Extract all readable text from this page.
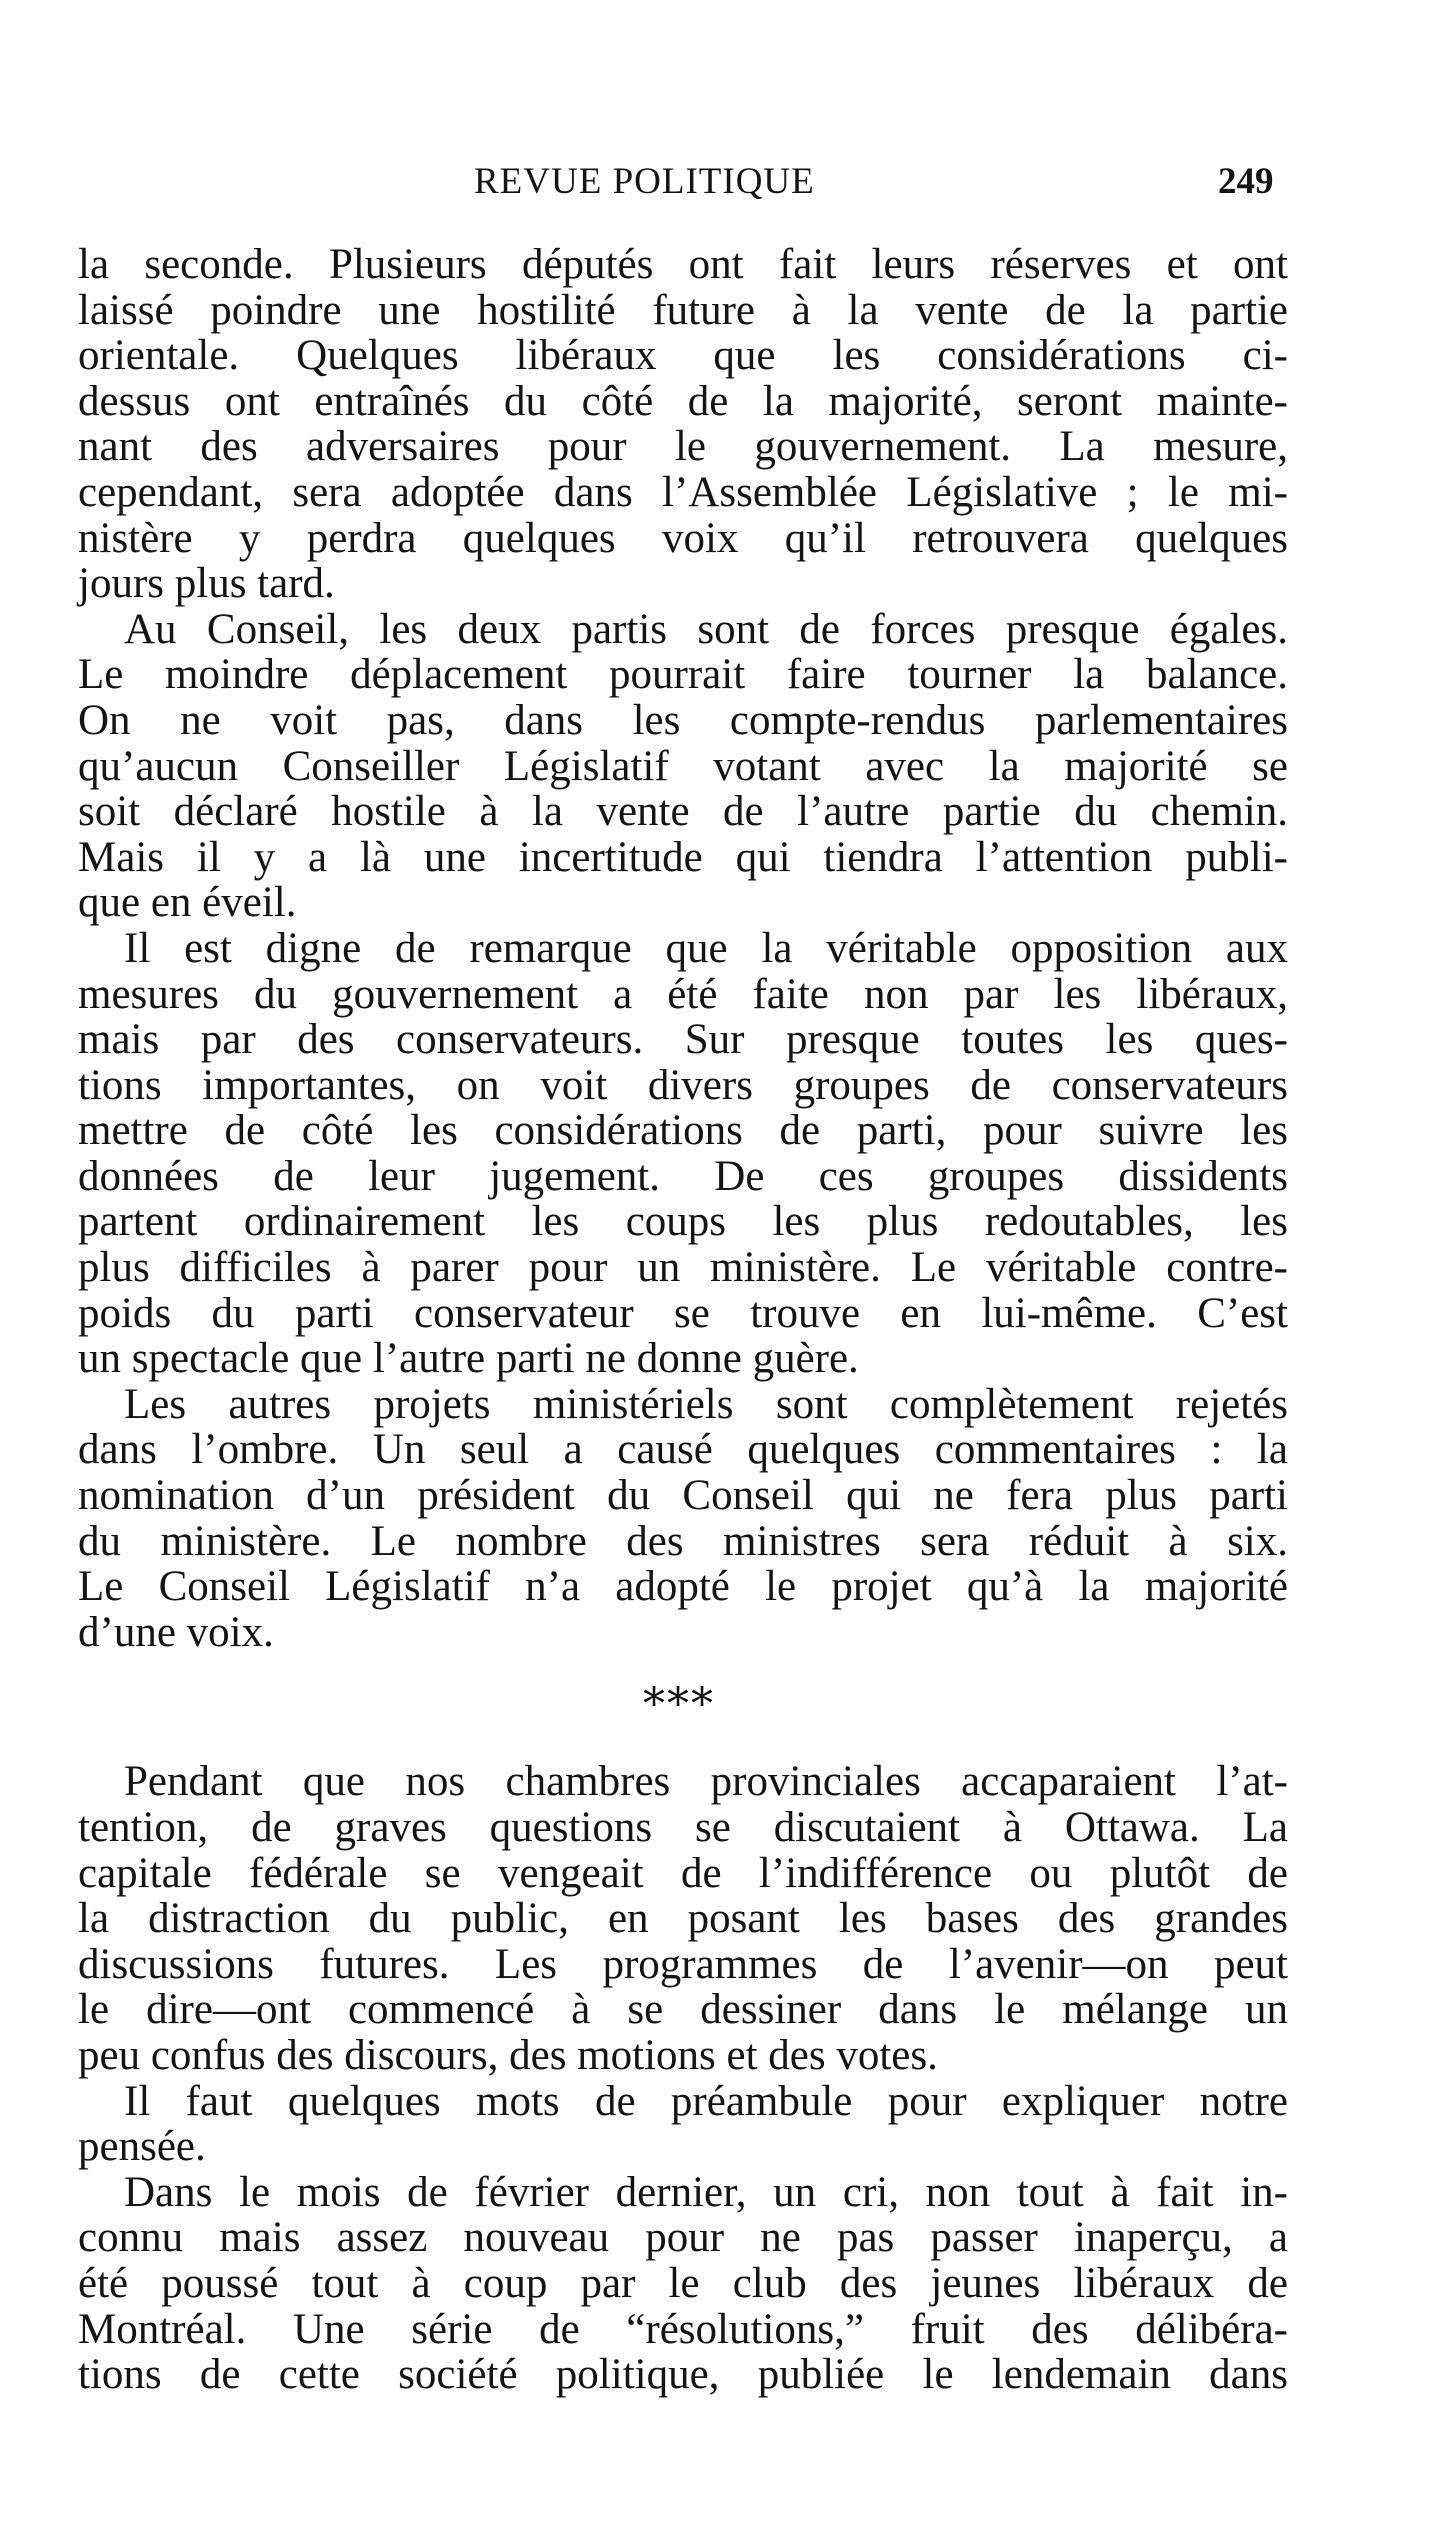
REVUE POLITIQUE	249

la seconde. Plusieurs députés ont fait leurs réserves et ont
laissé poindre une hostilité future à la vente de la partie
orientale. Quelques libéraux que les considérations ci-
dessus ont entraînés du côté de la majorité, seront mainte-
nant des adversaires pour le gouvernement. La mesure,
cependant, sera adoptée dans l’Assemblée Législative ; le mi-
nistère y perdra quelques voix qu’il retrouvera quelques
jours plus tard.

Au Conseil, les deux partis sont de forces presque égales.
Le moindre déplacement pourrait faire tourner la balance.
On ne voit pas, dans les compte-rendus parlementaires
qu’aucun Conseiller Législatif votant avec la majorité se
soit déclaré hostile à la vente de l’autre partie du chemin.
Mais il y a là une incertitude qui tiendra l’attention publi-
que en éveil.

Il est digne de remarque que la véritable opposition aux
mesures du gouvernement a été faite non par les libéraux,
mais par des conservateurs. Sur presque toutes les ques-
tions importantes, on voit divers groupes de conservateurs
mettre de côté les considérations de parti, pour suivre les
données de leur jugement. De ces groupes dissidents
partent ordinairement les coups les plus redoutables, les
plus difficiles à parer pour un ministère. Le véritable contre-
poids du parti conservateur se trouve en lui-même. C’est
un spectacle que l’autre parti ne donne guère.

Les autres projets ministériels sont complètement rejetés
dans l’ombre. Un seul a causé quelques commentaires : la
nomination d’un président du Conseil qui ne fera plus parti
du ministère. Le nombre des ministres sera réduit à six.
Le Conseil Législatif n’a adopté le projet qu’à la majorité
d’une voix.

⁎⁎⁎

Pendant que nos chambres provinciales accaparaient l’at-
tention, de graves questions se discutaient à Ottawa. La
capitale fédérale se vengeait de l’indifférence ou plutôt de
la distraction du public, en posant les bases des grandes
discussions futures. Les programmes de l’avenir—on peut
le dire—ont commencé à se dessiner dans le mélange un
peu confus des discours, des motions et des votes.

Il faut quelques mots de préambule pour expliquer notre
pensée.

Dans le mois de février dernier, un cri, non tout à fait in-
connu mais assez nouveau pour ne pas passer inaperçu, a
été poussé tout à coup par le club des jeunes libéraux de
Montréal. Une série de “résolutions,” fruit des délibéra-
tions de cette société politique, publiée le lendemain dans
